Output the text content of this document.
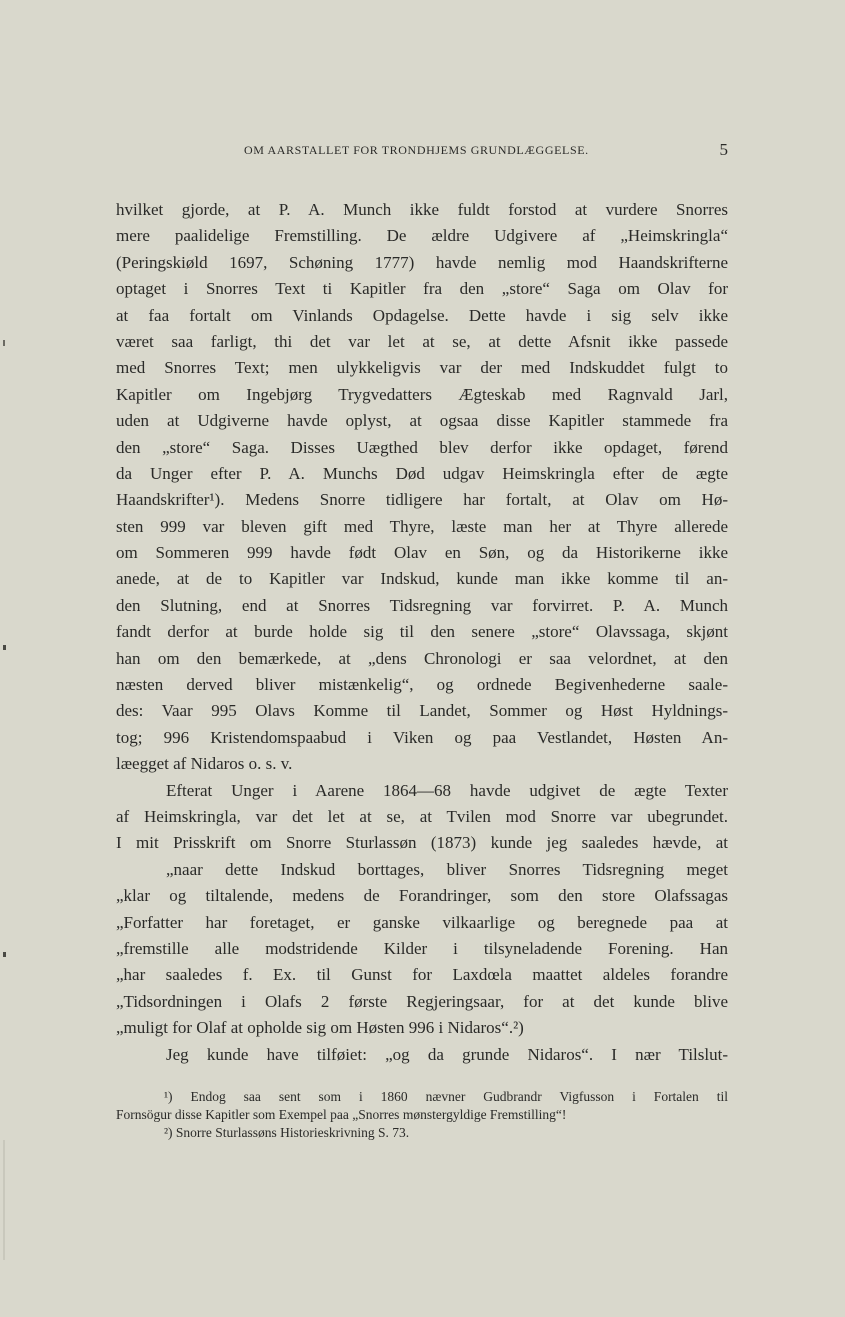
OM AARSTALLET FOR TRONDHJEMS GRUNDLÆGGELSE.	5
hvilket gjorde, at P. A. Munch ikke fuldt forstod at vurdere Snorres
mere paalidelige Fremstilling. De ældre Udgivere af „Heimskringla“
(Peringskiøld 1697, Schøning 1777) havde nemlig mod Haandskrifterne
optaget i Snorres Text ti Kapitler fra den „store“ Saga om Olav for
at faa fortalt om Vinlands Opdagelse. Dette havde i sig selv ikke
været saa farligt, thi det var let at se, at dette Afsnit ikke passede
med Snorres Text; men ulykkeligvis var der med Indskuddet fulgt to
Kapitler om Ingebjørg Trygvedatters Ægteskab med Ragnvald Jarl,
uden at Udgiverne havde oplyst, at ogsaa disse Kapitler stammede fra
den „store“ Saga. Disses Uægthed blev derfor ikke opdaget, førend
da Unger efter P. A. Munchs Død udgav Heimskringla efter de ægte
Haandskrifter¹). Medens Snorre tidligere har fortalt, at Olav om Hø-
sten 999 var bleven gift med Thyre, læste man her at Thyre allerede
om Sommeren 999 havde født Olav en Søn, og da Historikerne ikke
anede, at de to Kapitler var Indskud, kunde man ikke komme til an-
den Slutning, end at Snorres Tidsregning var forvirret. P. A. Munch
fandt derfor at burde holde sig til den senere „store“ Olavssaga, skjønt
han om den bemærkede, at „dens Chronologi er saa velordnet, at den
næsten derved bliver mistænkelig“, og ordnede Begivenhederne saale-
des: Vaar 995 Olavs Komme til Landet, Sommer og Høst Hyldnings-
tog; 996 Kristendomspaabud i Viken og paa Vestlandet, Høsten An-
læegget af Nidaros o. s. v.
Efterat Unger i Aarene 1864—68 havde udgivet de ægte Texter
af Heimskringla, var det let at se, at Tvilen mod Snorre var ubegrundet.
I mit Prisskrift om Snorre Sturlassøn (1873) kunde jeg saaledes hævde, at
„naar dette Indskud borttages, bliver Snorres Tidsregning meget
„klar og tiltalende, medens de Forandringer, som den store Olafssagas
„Forfatter har foretaget, er ganske vilkaarlige og beregnede paa at
„fremstille alle modstridende Kilder i tilsyneladende Forening. Han
„har saaledes f. Ex. til Gunst for Laxdœla maattet aldeles forandre
„Tidsordningen i Olafs 2 første Regjeringsaar, for at det kunde blive
„muligt for Olaf at opholde sig om Høsten 996 i Nidaros“.²)
Jeg kunde have tilføiet: „og da grunde Nidaros“. I nær Tilslut-
¹) Endog saa sent som i 1860 nævner Gudbrandr Vigfusson i Fortalen til
Fornsögur disse Kapitler som Exempel paa „Snorres mønstergyldige Fremstilling“!
²) Snorre Sturlassøns Historieskrivning S. 73.
